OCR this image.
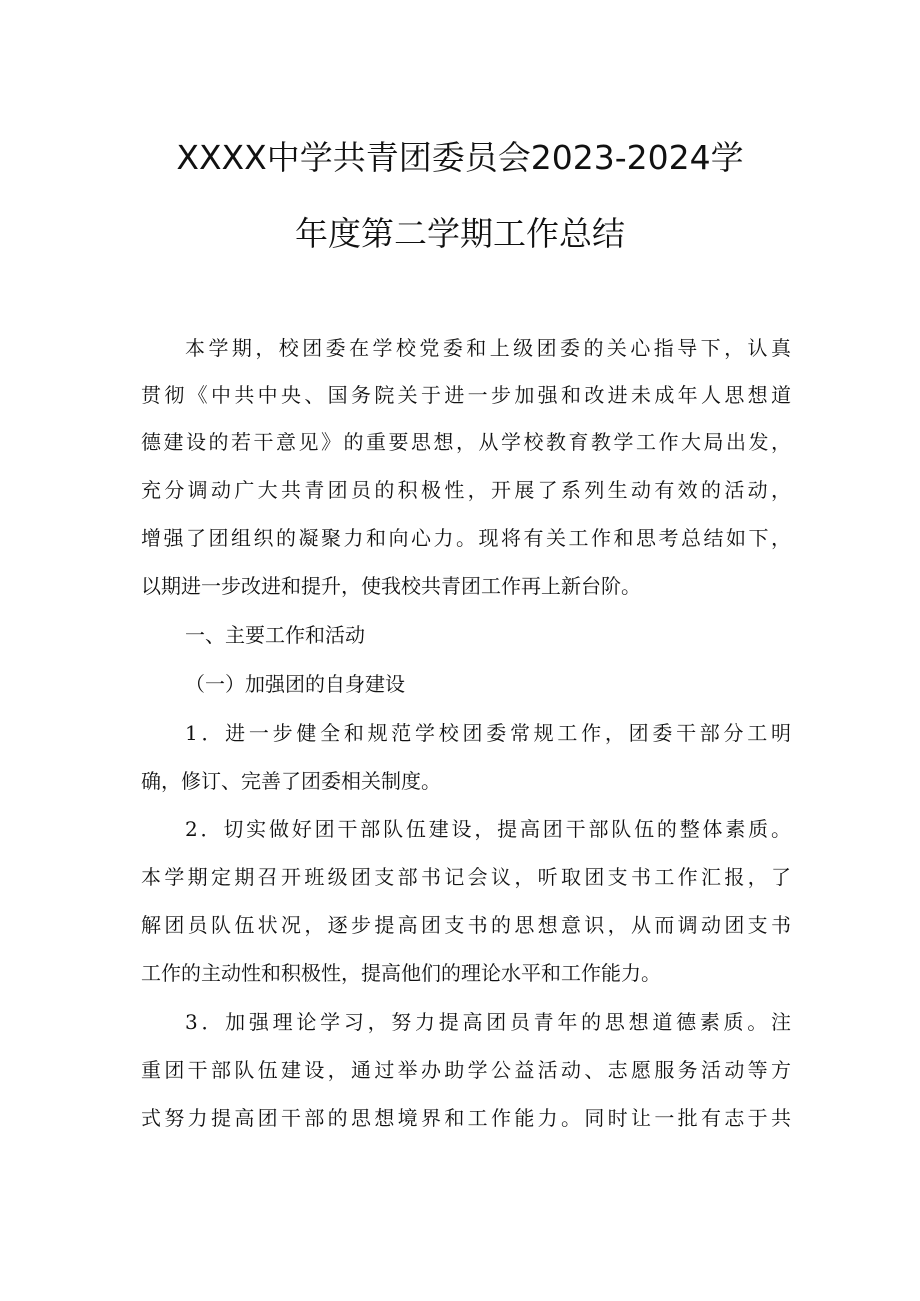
XXXX中学共青团委员会2023-2024学
年度第二学期工作总结
本学期，校团委在学校党委和上级团委的关心指导下，认真
贯彻《中共中央、国务院关于进一步加强和改进未成年人思想道
德建设的若干意见》的重要思想，从学校教育教学工作大局出发，
充分调动广大共青团员的积极性，开展了系列生动有效的活动，
增强了团组织的凝聚力和向心力。现将有关工作和思考总结如下，
以期进一步改进和提升，使我校共青团工作再上新台阶。
一、主要工作和活动
（一）加强团的自身建设
1．进一步健全和规范学校团委常规工作，团委干部分工明
确，修订、完善了团委相关制度。
2．切实做好团干部队伍建设，提高团干部队伍的整体素质。
本学期定期召开班级团支部书记会议，听取团支书工作汇报，了
解团员队伍状况，逐步提高团支书的思想意识，从而调动团支书
工作的主动性和积极性，提高他们的理论水平和工作能力。
3．加强理论学习，努力提高团员青年的思想道德素质。注
重团干部队伍建设，通过举办助学公益活动、志愿服务活动等方
式努力提高团干部的思想境界和工作能力。同时让一批有志于共
